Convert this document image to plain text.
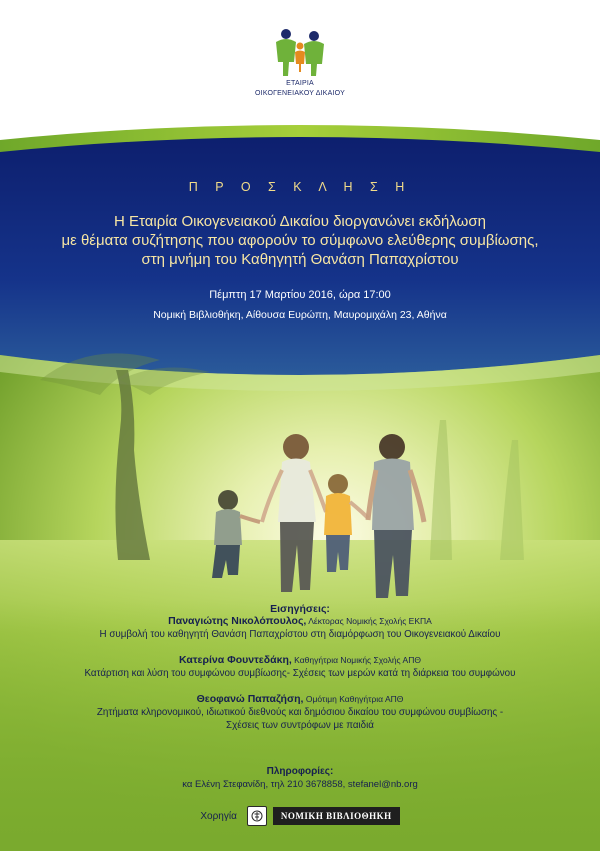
ΕΤΑΙΡΙΑ
ΟΙΚΟΓΕΝΕΙΑΚΟΥ ΔΙΚΑΙΟΥ
Π Ρ Ο Σ Κ Λ Η Σ Η
Η Εταιρία Οικογενειακού Δικαίου διοργανώνει εκδήλωση
με θέματα συζήτησης που αφορούν το σύμφωνο ελεύθερης συμβίωσης,
στη μνήμη του Καθηγητή Θανάση Παπαχρίστου
Πέμπτη 17 Μαρτίου 2016, ώρα 17:00
Νομική Βιβλιοθήκη, Αίθουσα Ευρώπη, Μαυρομιχάλη 23, Αθήνα
Εισηγήσεις:
Παναγιώτης Νικολόπουλος, Λέκτορας Νομικής Σχολής ΕΚΠΑ
Η συμβολή του καθηγητή Θανάση Παπαχρίστου στη διαμόρφωση του Οικογενειακού Δικαίου
Κατερίνα Φουντεδάκη, Καθηγήτρια Νομικής Σχολής ΑΠΘ
Κατάρτιση και λύση του συμφώνου συμβίωσης- Σχέσεις των μερών κατά τη διάρκεια του συμφώνου
Θεοφανώ Παπαζήση, Ομότιμη Καθηγήτρια ΑΠΘ
Ζητήματα κληρονομικού, ιδιωτικού διεθνούς και δημόσιου δικαίου του συμφώνου συμβίωσης -
Σχέσεις των συντρόφων με παιδιά
Πληροφορίες:
κα Ελένη Στεφανίδη, τηλ 210 3678858, stefanel@nb.org
Χορηγία	ΝΟΜΙΚΗ ΒΙΒΛΙΟΘΗΚΗ
